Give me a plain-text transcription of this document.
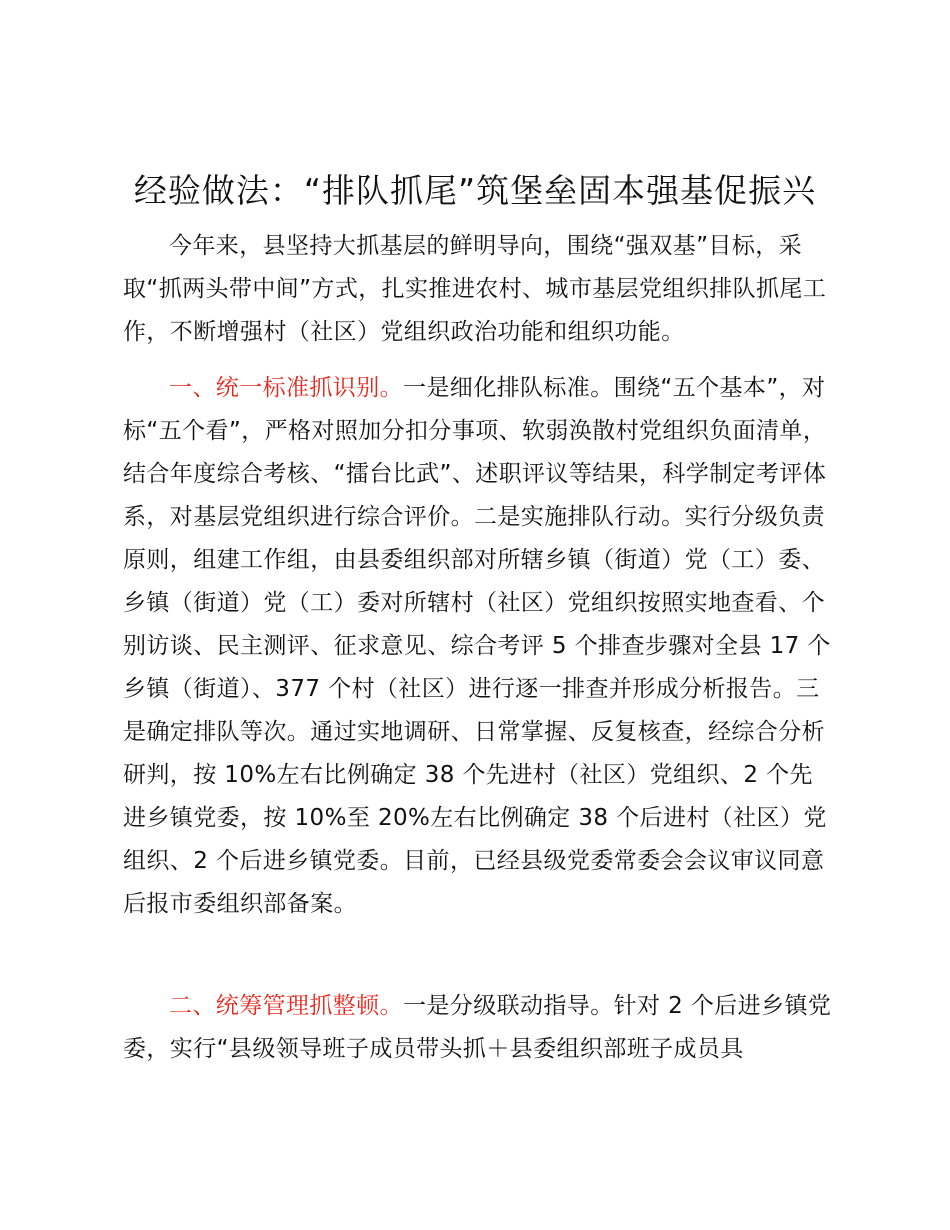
经验做法：“排队抓尾”筑堡垒固本强基促振兴

今年来，县坚持大抓基层的鲜明导向，围绕“强双基”目标，采取“抓两头带中间”方式，扎实推进农村、城市基层党组织排队抓尾工作，不断增强村（社区）党组织政治功能和组织功能。

一、统一标准抓识别。一是细化排队标准。围绕“五个基本”，对标“五个看”，严格对照加分扣分事项、软弱涣散村党组织负面清单，结合年度综合考核、“擂台比武”、述职评议等结果，科学制定考评体系，对基层党组织进行综合评价。二是实施排队行动。实行分级负责原则，组建工作组，由县委组织部对所辖乡镇（街道）党（工）委、乡镇（街道）党（工）委对所辖村（社区）党组织按照实地查看、个别访谈、民主测评、征求意见、综合考评 5 个排查步骤对全县 17 个乡镇（街道）、377 个村（社区）进行逐一排查并形成分析报告。三是确定排队等次。通过实地调研、日常掌握、反复核查，经综合分析研判，按 10%左右比例确定 38 个先进村（社区）党组织、2 个先进乡镇党委，按 10%至 20%左右比例确定 38 个后进村（社区）党组织、2 个后进乡镇党委。目前，已经县级党委常委会会议审议同意后报市委组织部备案。

二、统筹管理抓整顿。一是分级联动指导。针对 2 个后进乡镇党委，实行“县级领导班子成员带头抓＋县委组织部班子成员具
